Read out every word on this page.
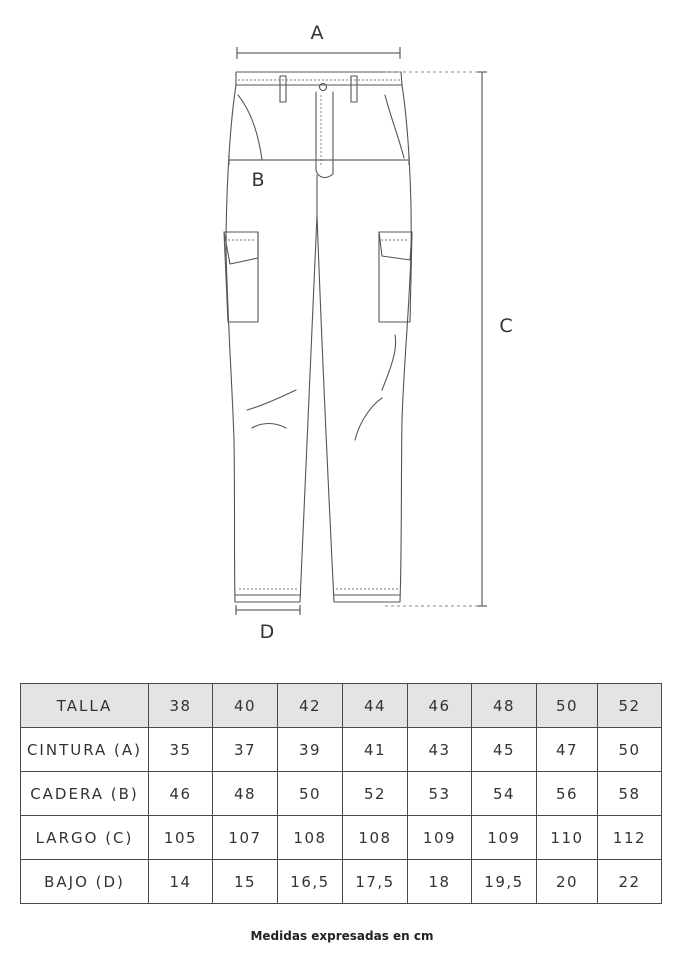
A
B
C
D
TALLA	38	40	42	44	46	48	50	52
CINTURA (A)	35	37	39	41	43	45	47	50
CADERA (B)	46	48	50	52	53	54	56	58
LARGO (C)	105	107	108	108	109	109	110	112
BAJO (D)	14	15	16,5	17,5	18	19,5	20	22
Medidas expresadas en cm
